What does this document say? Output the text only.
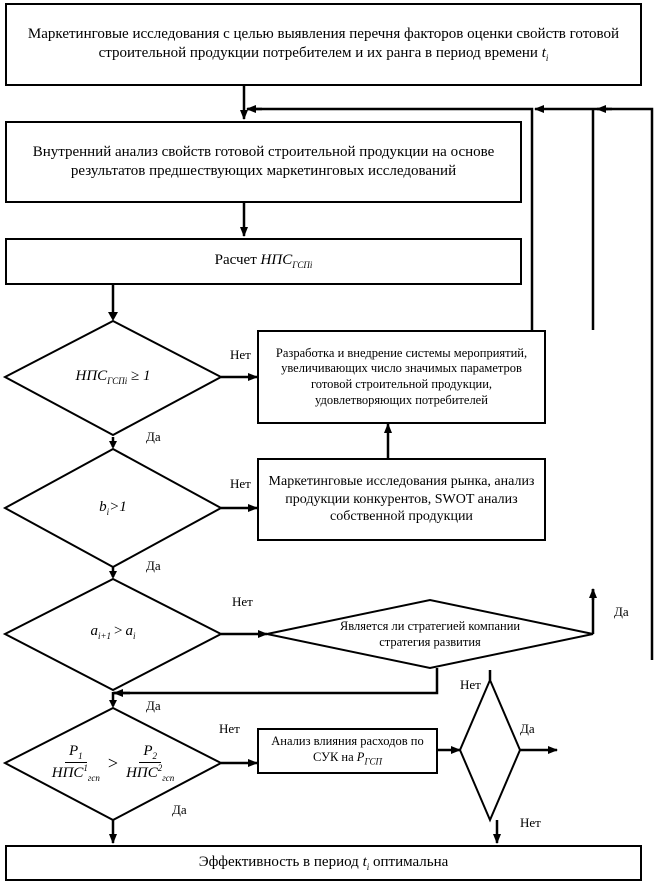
Маркетинговые исследования с целью выявления перечня факторов оценки свойств готовой строительной продукции потребителем и их ранга в период времени $t_i$
Внутренний анализ свойств готовой строительной продукции на основе результатов предшествующих маркетинговых исследований
Расчет $НПС_{ГСПi}$
Разработка и внедрение системы мероприятий, увеличивающих число значимых параметров готовой строительной продукции, удовлетворяющих потребителей
Маркетинговые исследования рынка, анализ продукции конкурентов, SWOT анализ собственной продукции
Анализ влияния расходов по СУК на $P_{ГСП}$
Эффективность в период $t_i$ оптимальна
$НПС_{ГСПi} \ge 1$
$b_i>1$
$a_{i+1} > a_i$
$\frac{P_1}{НПС^1_{гсп}} > \frac{P_2}{НПС^2_{гсп}}$
Является ли стратегией компании стратегия развития
Нет
Да
Нет
Да
Нет
Да
Нет
Да
Нет	Да
Да
Нет
